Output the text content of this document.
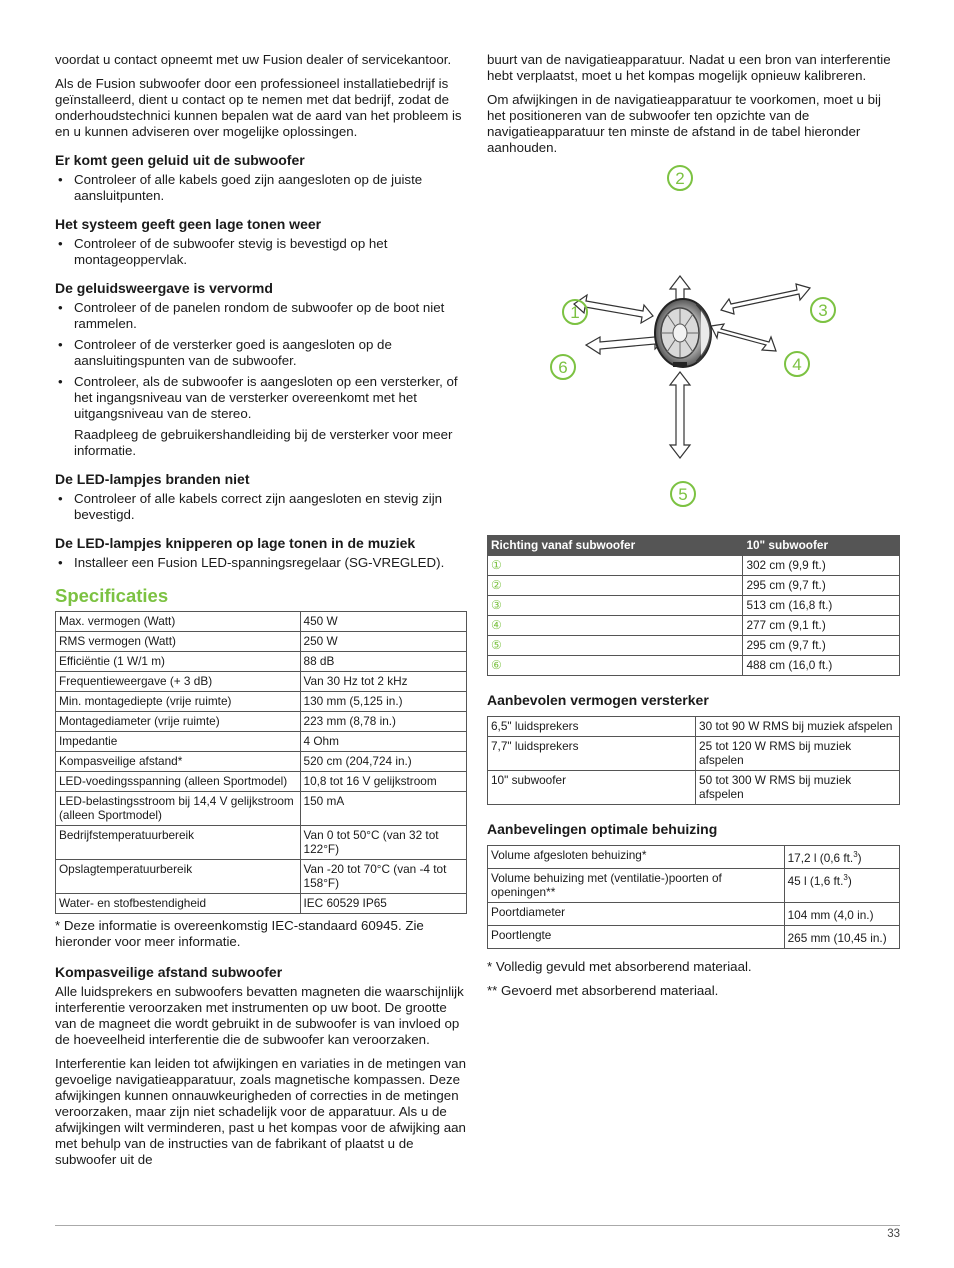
voordat u contact opneemt met uw Fusion dealer of servicekantoor.

Als de Fusion subwoofer door een professioneel installatiebedrijf is geïnstalleerd, dient u contact op te nemen met dat bedrijf, zodat de onderhoudstechnici kunnen bepalen wat de aard van het probleem is en u kunnen adviseren over mogelijke oplossingen.

Er komt geen geluid uit de subwoofer
• Controleer of alle kabels goed zijn aangesloten op de juiste aansluitpunten.
Het systeem geeft geen lage tonen weer
• Controleer of de subwoofer stevig is bevestigd op het montageoppervlak.
De geluidsweergave is vervormd
• Controleer of de panelen rondom de subwoofer op de boot niet rammelen.
• Controleer of de versterker goed is aangesloten op de aansluitingspunten van de subwoofer.
• Controleer, als de subwoofer is aangesloten op een versterker, of het ingangsniveau van de versterker overeenkomt met het uitgangsniveau van de stereo.
Raadpleeg de gebruikershandleiding bij de versterker voor meer informatie.
De LED-lampjes branden niet
• Controleer of alle kabels correct zijn aangesloten en stevig zijn bevestigd.
De LED-lampjes knipperen op lage tonen in de muziek
• Installeer een Fusion LED-spanningsregelaar (SG-VREGLED).
Specificaties
Max. vermogen (Watt)	450 W
RMS vermogen (Watt)	250 W
Efficiëntie (1 W/1 m)	88 dB
Frequentieweergave (+ 3 dB)	Van 30 Hz tot 2 kHz
Min. montagediepte (vrije ruimte)	130 mm (5,125 in.)
Montagediameter (vrije ruimte)	223 mm (8,78 in.)
Impedantie	4 Ohm
Kompasveilige afstand*	520 cm (204,724 in.)
LED-voedingsspanning (alleen Sportmodel)	10,8 tot 16 V gelijkstroom
LED-belastingsstroom bij 14,4 V gelijkstroom (alleen Sportmodel)	150 mA
Bedrijfstemperatuurbereik	Van 0 tot 50°C (van 32 tot 122°F)
Opslagtemperatuurbereik	Van -20 tot 70°C (van -4 tot 158°F)
Water- en stofbestendigheid	IEC 60529 IP65

* Deze informatie is overeenkomstig IEC-standaard 60945. Zie hieronder voor meer informatie.

Kompasveilige afstand subwoofer

Alle luidsprekers en subwoofers bevatten magneten die waarschijnlijk interferentie veroorzaken met instrumenten op uw boot. De grootte van de magneet die wordt gebruikt in de subwoofer is van invloed op de hoeveelheid interferentie die de subwoofer kan veroorzaken.

Interferentie kan leiden tot afwijkingen en variaties in de metingen van gevoelige navigatieapparatuur, zoals magnetische kompassen. Deze afwijkingen kunnen onnauwkeurigheden of correcties in de metingen veroorzaken, maar zijn niet schadelijk voor de apparatuur. Als u de afwijkingen wilt verminderen, past u het kompas voor de afwijking aan met behulp van de instructies van de fabrikant of plaatst u de subwoofer uit de

buurt van de navigatieapparatuur. Nadat u een bron van interferentie hebt verplaatst, moet u het kompas mogelijk opnieuw kalibreren.

Om afwijkingen in de navigatieapparatuur te voorkomen, moet u bij het positioneren van de subwoofer ten opzichte van de navigatieapparatuur ten minste de afstand in de tabel hieronder aanhouden.

2
1	3
6	4
5
Richting vanaf subwoofer	10" subwoofer
①	302 cm (9,9 ft.)
②	295 cm (9,7 ft.)
③	513 cm (16,8 ft.)
④	277 cm (9,1 ft.)
⑤	295 cm (9,7 ft.)
⑥	488 cm (16,0 ft.)
Aanbevolen vermogen versterker
6,5" luidsprekers	30 tot 90 W RMS bij muziek afspelen
7,7" luidsprekers	25 tot 120 W RMS bij muziek afspelen
10" subwoofer	50 tot 300 W RMS bij muziek afspelen
Aanbevelingen optimale behuizing
Volume afgesloten behuizing*	17,2 l (0,6 ft.$^3$)
Volume behuizing met (ventilatie-)poorten of openingen**	45 l (1,6 ft.$^3$)
Poortdiameter	104 mm (4,0 in.)
Poortlengte	265 mm (10,45 in.)

* Volledig gevuld met absorberend materiaal.

** Gevoerd met absorberend materiaal.

33
